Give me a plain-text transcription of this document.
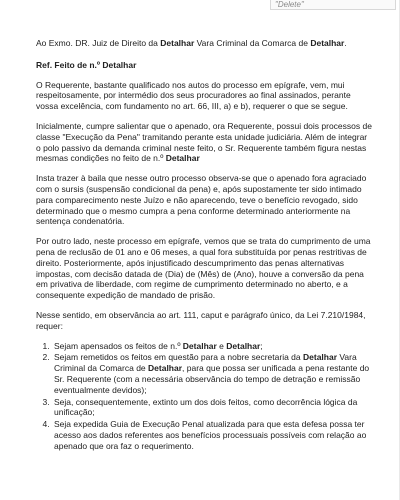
"Delete"

Ao Exmo. DR. Juiz de Direito da Detalhar Vara Criminal da Comarca de Detalhar.

Ref. Feito de n.º Detalhar

O Requerente, bastante qualificado nos autos do processo em epígrafe, vem, mui respeitosamente, por intermédio dos seus procuradores ao final assinados, perante vossa excelência, com fundamento no art. 66, III, a) e b), requerer o que se segue.

Inicialmente, cumpre salientar que o apenado, ora Requerente, possui dois processos de classe "Execução da Pena" tramitando perante esta unidade judiciária. Além de integrar o polo passivo da demanda criminal neste feito, o Sr. Requerente também figura nestas mesmas condições no feito de n.º Detalhar

Insta trazer à baila que nesse outro processo observa-se que o apenado fora agraciado com o sursis (suspensão condicional da pena) e, após supostamente ter sido intimado para comparecimento neste Juízo e não aparecendo, teve o benefício revogado, sido determinado que o mesmo cumpra a pena conforme determinado anteriormente na sentença condenatória.

Por outro lado, neste processo em epígrafe, vemos que se trata do cumprimento de uma pena de reclusão de 01 ano e 06 meses, a qual fora substituída por penas restritivas de direito. Posteriormente, após injustificado descumprimento das penas alternativas impostas, com decisão datada de (Dia) de (Mês) de (Ano), houve a conversão da pena em privativa de liberdade, com regime de cumprimento determinado no aberto, e a consequente expedição de mandado de prisão.

Nesse sentido, em observância ao art. 111, caput e parágrafo único, da Lei 7.210/1984, requer:

1. Sejam apensados os feitos de n.º Detalhar e Detalhar;
2. Sejam remetidos os feitos em questão para a nobre secretaria da Detalhar Vara Criminal da Comarca de Detalhar, para que possa ser unificada a pena restante do Sr. Requerente (com a necessária observância do tempo de detração e remissão eventualmente devidos);
3. Seja, consequentemente, extinto um dos dois feitos, como decorrência lógica da unificação;
4. Seja expedida Guia de Execução Penal atualizada para que esta defesa possa ter acesso aos dados referentes aos benefícios processuais possíveis com relação ao apenado que ora faz o requerimento.
